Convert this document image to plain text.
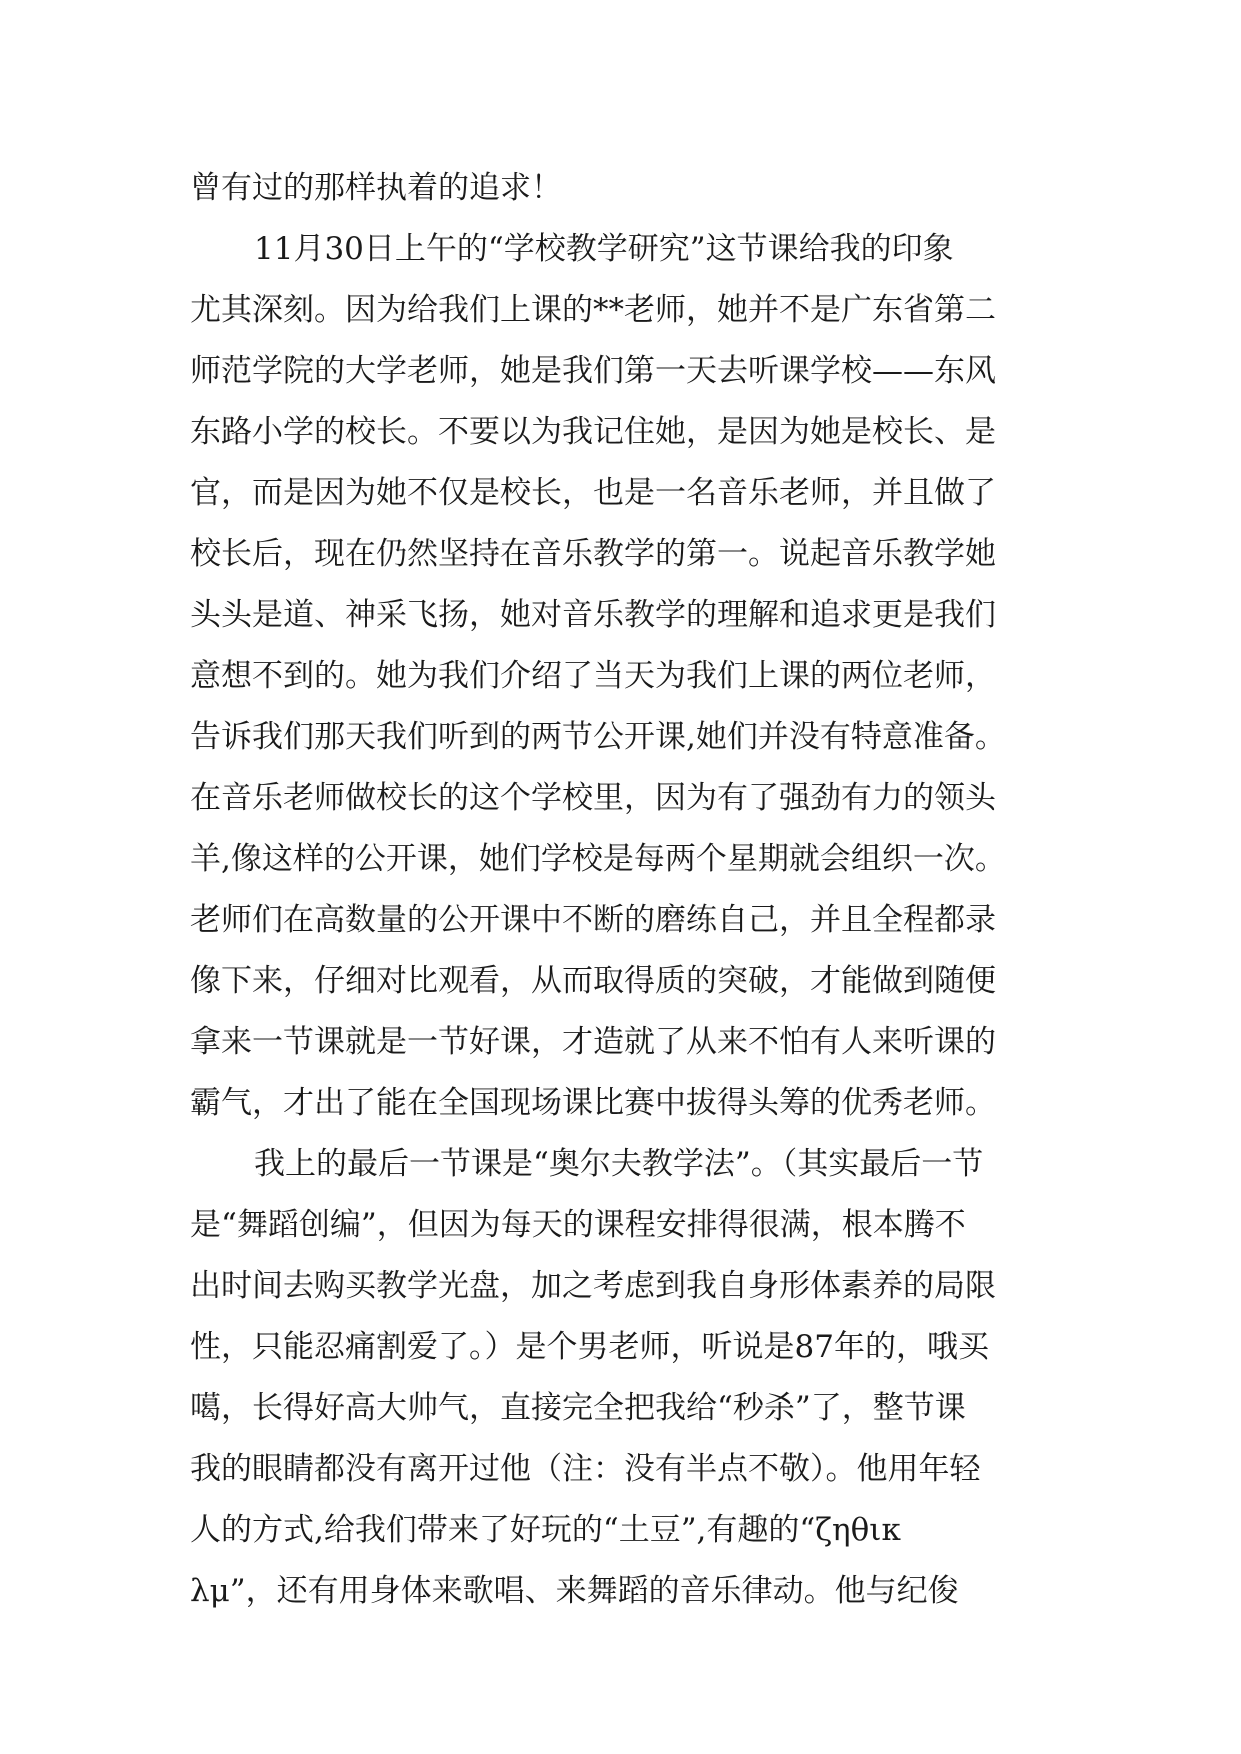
曾有过的那样执着的追求！
11月30日上午的“学校教学研究”这节课给我的印象
尤其深刻。因为给我们上课的**老师，她并不是广东省第二
师范学院的大学老师，她是我们第一天去听课学校——东风
东路小学的校长。不要以为我记住她，是因为她是校长、是
官，而是因为她不仅是校长，也是一名音乐老师，并且做了
校长后，现在仍然坚持在音乐教学的第一。说起音乐教学她
头头是道、神采飞扬，她对音乐教学的理解和追求更是我们
意想不到的。她为我们介绍了当天为我们上课的两位老师，
告诉我们那天我们听到的两节公开课,她们并没有特意准备。
在音乐老师做校长的这个学校里，因为有了强劲有力的领头
羊,像这样的公开课，她们学校是每两个星期就会组织一次。
老师们在高数量的公开课中不断的磨练自己，并且全程都录
像下来，仔细对比观看，从而取得质的突破，才能做到随便
拿来一节课就是一节好课，才造就了从来不怕有人来听课的
霸气，才出了能在全国现场课比赛中拔得头筹的优秀老师。
我上的最后一节课是“奥尔夫教学法”。（其实最后一节
是“舞蹈创编”，但因为每天的课程安排得很满，根本腾不
出时间去购买教学光盘，加之考虑到我自身形体素养的局限
性，只能忍痛割爱了。）是个男老师，听说是87年的，哦买
噶，长得好高大帅气，直接完全把我给“秒杀”了，整节课
我的眼睛都没有离开过他（注：没有半点不敬）。他用年轻
人的方式,给我们带来了好玩的“土豆”,有趣的“ζηθικ
λμ”，还有用身体来歌唱、来舞蹈的音乐律动。他与纪俊
